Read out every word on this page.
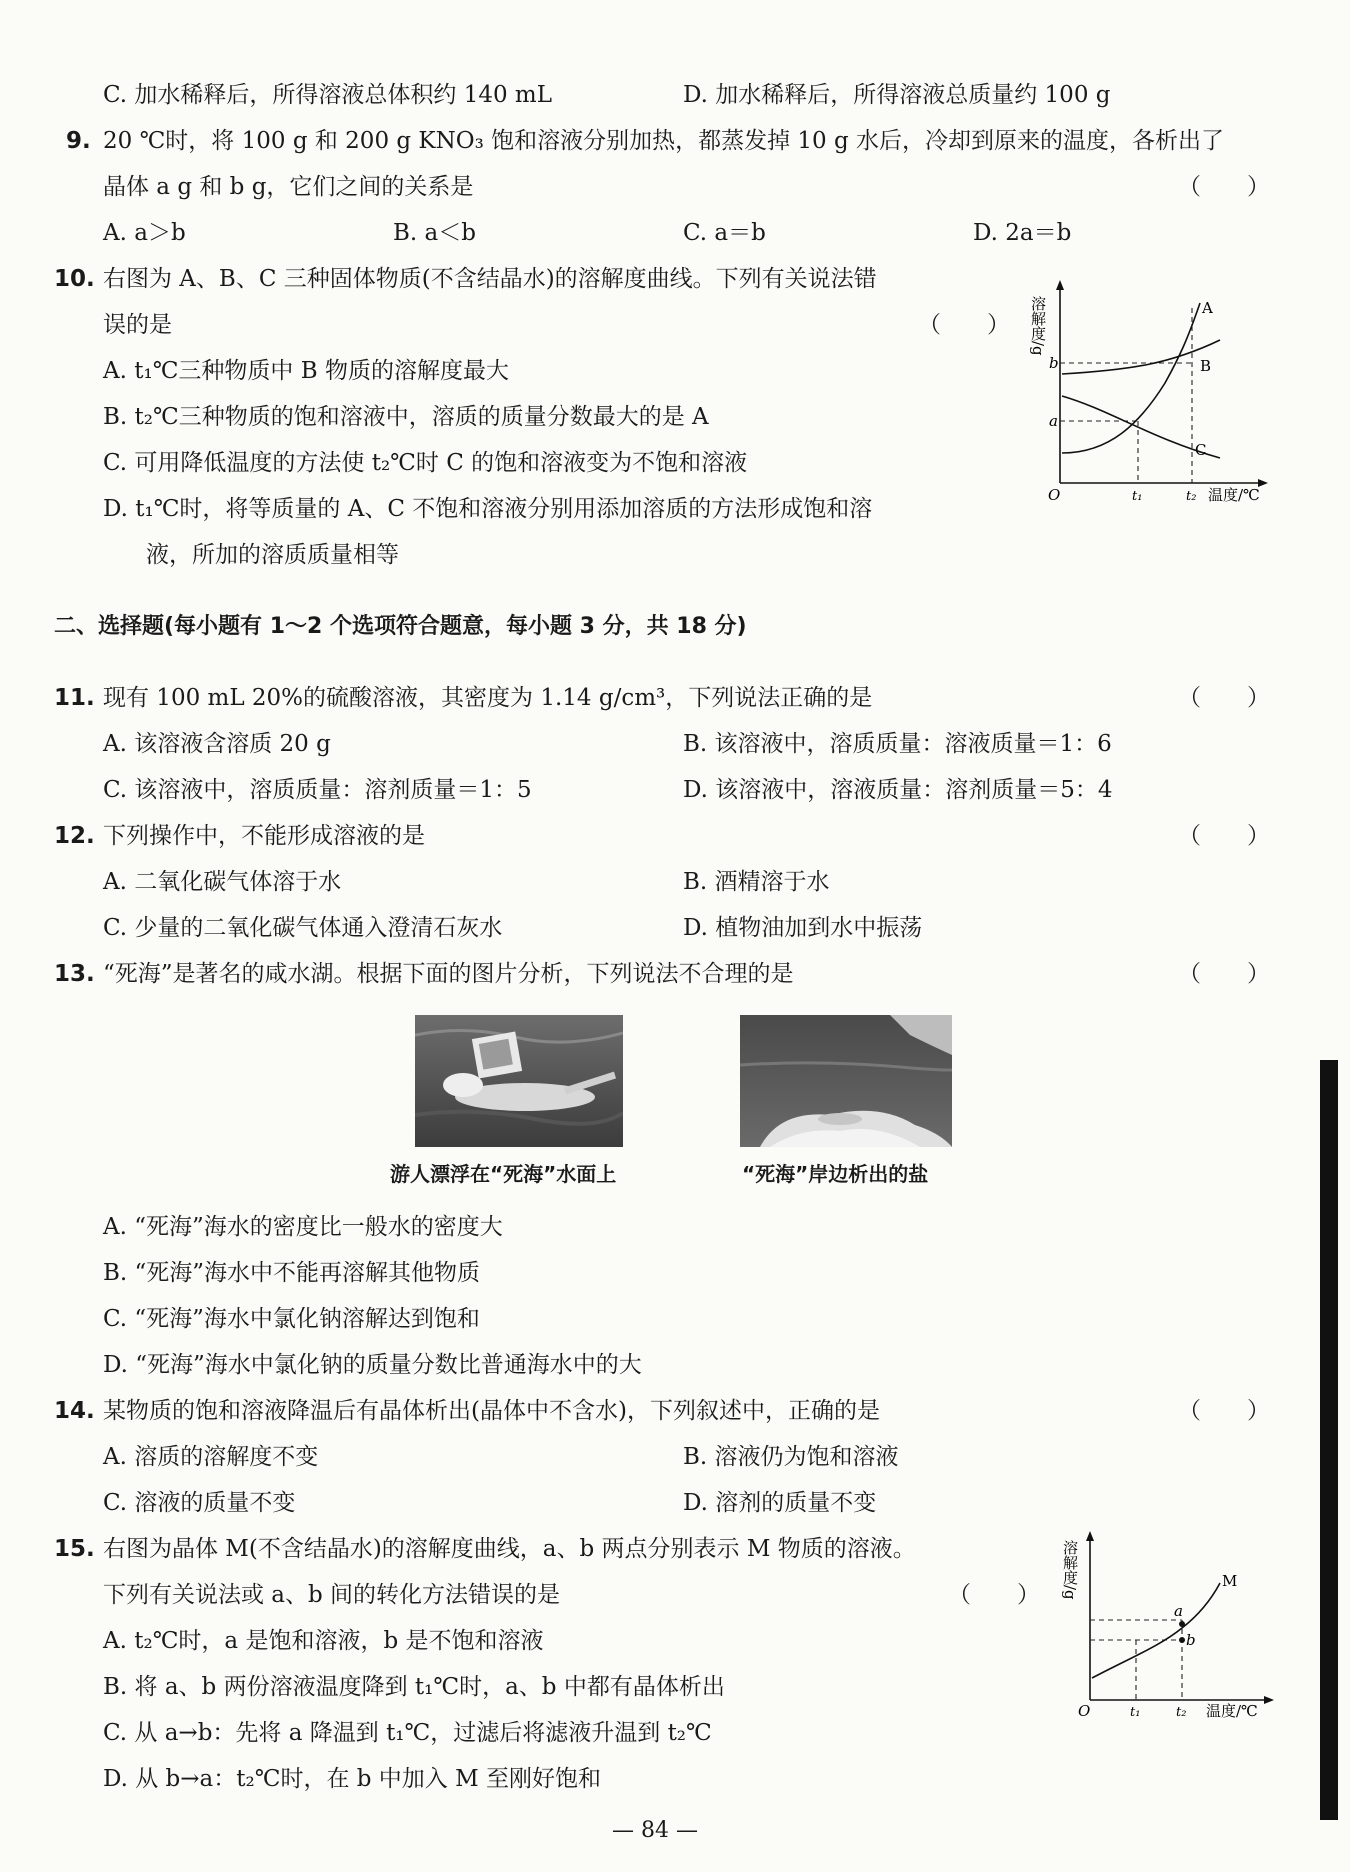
C. 加水稀释后，所得溶液总体积约 140 mL	D. 加水稀释后，所得溶液总质量约 100 g
9. 20 ℃时，将 100 g 和 200 g KNO₃ 饱和溶液分别加热，都蒸发掉 10 g 水后，冷却到原来的温度，各析出了
晶体 a g 和 b g，它们之间的关系是	（　　）
A. a＞b	B. a＜b	C. a＝b	D. 2a＝b
10. 右图为 A、B、C 三种固体物质(不含结晶水)的溶解度曲线。下列有关说法错
误的是	（　　）
A. t₁℃三种物质中 B 物质的溶解度最大
B. t₂℃三种物质的饱和溶液中，溶质的质量分数最大的是 A
C. 可用降低温度的方法使 t₂℃时 C 的饱和溶液变为不饱和溶液
D. t₁℃时，将等质量的 A、C 不饱和溶液分别用添加溶质的方法形成饱和溶
液，所加的溶质质量相等
溶解度/g
b
a
O	t₁	t₂ 温度/℃
A
B
C
二、选择题(每小题有 1～2 个选项符合题意，每小题 3 分，共 18 分)
11. 现有 100 mL 20%的硫酸溶液，其密度为 1.14 g/cm³，下列说法正确的是	（　　）
A. 该溶液含溶质 20 g	B. 该溶液中，溶质质量：溶液质量＝1：6
C. 该溶液中，溶质质量：溶剂质量＝1：5	D. 该溶液中，溶液质量：溶剂质量＝5：4
12. 下列操作中，不能形成溶液的是	（　　）
A. 二氧化碳气体溶于水	B. 酒精溶于水
C. 少量的二氧化碳气体通入澄清石灰水	D. 植物油加到水中振荡
13. “死海”是著名的咸水湖。根据下面的图片分析，下列说法不合理的是	（　　）
游人漂浮在“死海”水面上	“死海”岸边析出的盐
A. “死海”海水的密度比一般水的密度大
B. “死海”海水中不能再溶解其他物质
C. “死海”海水中氯化钠溶解达到饱和
D. “死海”海水中氯化钠的质量分数比普通海水中的大
14. 某物质的饱和溶液降温后有晶体析出(晶体中不含水)，下列叙述中，正确的是	（　　）
A. 溶质的溶解度不变	B. 溶液仍为饱和溶液
C. 溶液的质量不变	D. 溶剂的质量不变
15. 右图为晶体 M(不含结晶水)的溶解度曲线，a、b 两点分别表示 M 物质的溶液。
下列有关说法或 a、b 间的转化方法错误的是	（　　）
A. t₂℃时，a 是饱和溶液，b 是不饱和溶液
B. 将 a、b 两份溶液温度降到 t₁℃时，a、b 中都有晶体析出
C. 从 a→b：先将 a 降温到 t₁℃，过滤后将滤液升温到 t₂℃
D. 从 b→a：t₂℃时，在 b 中加入 M 至刚好饱和
溶解度/g
a
b
M
O	t₁	t₂ 温度/℃
— 84 —
